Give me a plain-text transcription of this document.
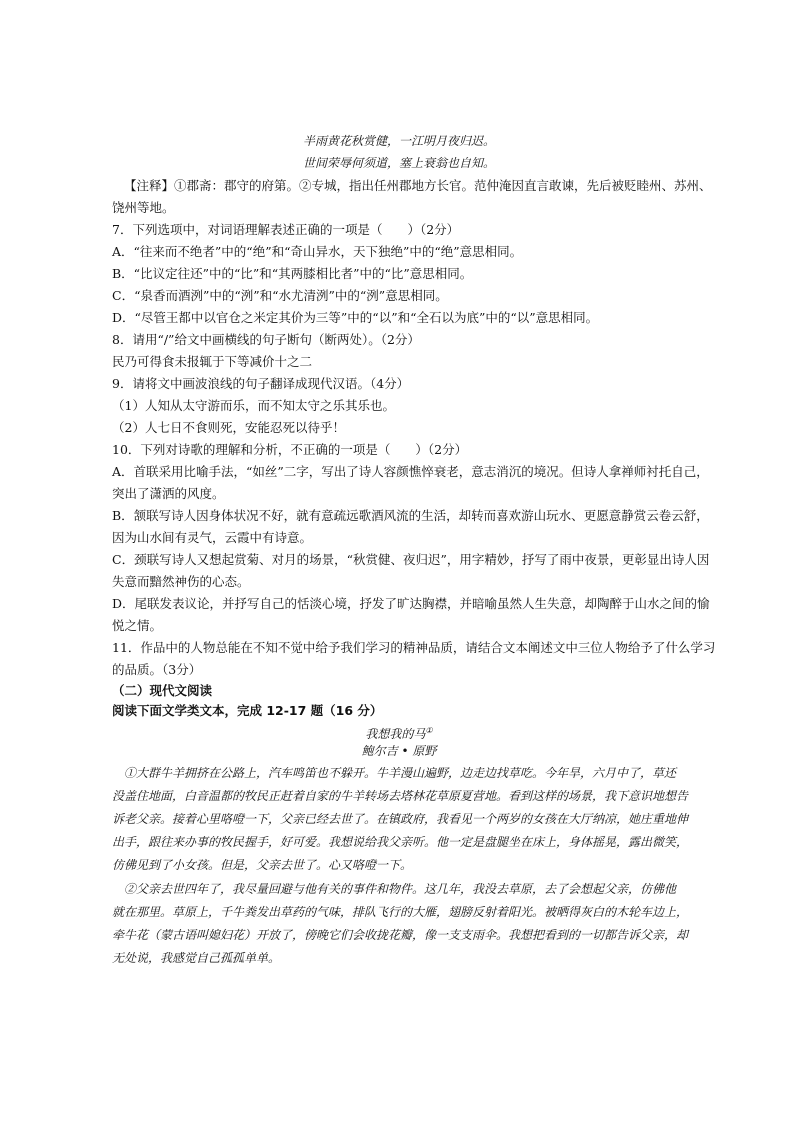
半雨黄花秋赏健，一江明月夜归迟。
世间荣辱何须道，塞上衰翁也自知。
【注释】①郡斋：郡守的府第。②专城，指出任州郡地方长官。范仲淹因直言敢谏，先后被贬睦州、苏州、
饶州等地。
7．下列选项中，对词语理解表述正确的一项是（　　）（2分）
A．“往来而不绝者”中的“绝”和“奇山异水，天下独绝”中的“绝”意思相同。
B．“比议定往还”中的“比”和“其两膝相比者”中的“比”意思相同。
C．“泉香而酒洌”中的“洌”和“水尤清洌”中的“洌”意思相同。
D．“尽管王都中以官仓之米定其价为三等”中的“以”和“全石以为底”中的“以”意思相同。
8．请用“/”给文中画横线的句子断句（断两处）。（2分）
民乃可得食未报辄于下等减价十之二
9．请将文中画波浪线的句子翻译成现代汉语。（4分）
（1）人知从太守游而乐，而不知太守之乐其乐也。
（2）人七日不食则死，安能忍死以待乎！
10．下列对诗歌的理解和分析，不正确的一项是（　　）（2分）
A．首联采用比喻手法，“如丝”二字，写出了诗人容颜憔悴衰老，意志消沉的境况。但诗人拿禅师衬托自己，
突出了潇洒的风度。
B．颔联写诗人因身体状况不好，就有意疏远歌酒风流的生活，却转而喜欢游山玩水、更愿意静赏云卷云舒，
因为山水间有灵气，云霞中有诗意。
C．颈联写诗人又想起赏菊、对月的场景，“秋赏健、夜归迟”，用字精妙，抒写了雨中夜景，更彰显出诗人因
失意而黯然神伤的心态。
D．尾联发表议论，并抒写自己的恬淡心境，抒发了旷达胸襟，并暗喻虽然人生失意，却陶醉于山水之间的愉
悦之情。
11．作品中的人物总能在不知不觉中给予我们学习的精神品质，请结合文本阐述文中三位人物给予了什么学习
的品质。（3分）
（二）现代文阅读
阅读下面文学类文本，完成 12-17 题（16 分）
我想我的马①
鲍尔吉 • 原野
①大群牛羊拥挤在公路上，汽车鸣笛也不躲开。牛羊漫山遍野，边走边找草吃。今年旱，六月中了，草还
没盖住地面，白音温都的牧民正赶着自家的牛羊转场去塔林花草原夏营地。看到这样的场景，我下意识地想告
诉老父亲。接着心里咯噔一下，父亲已经去世了。在镇政府，我看见一个两岁的女孩在大厅纳凉，她庄重地伸
出手，跟往来办事的牧民握手，好可爱。我想说给我父亲听。他一定是盘腿坐在床上，身体摇晃，露出微笑，
仿佛见到了小女孩。但是，父亲去世了。心又咯噔一下。
②父亲去世四年了，我尽量回避与他有关的事件和物件。这几年，我没去草原，去了会想起父亲，仿佛他
就在那里。草原上，千牛粪发出草药的气味，排队飞行的大雁，翅膀反射着阳光。被晒得灰白的木轮车边上，
牵牛花（蒙古语叫媳妇花）开放了，傍晚它们会收拢花瓣，像一支支雨伞。我想把看到的一切都告诉父亲，却
无处说，我感觉自己孤孤单单。
